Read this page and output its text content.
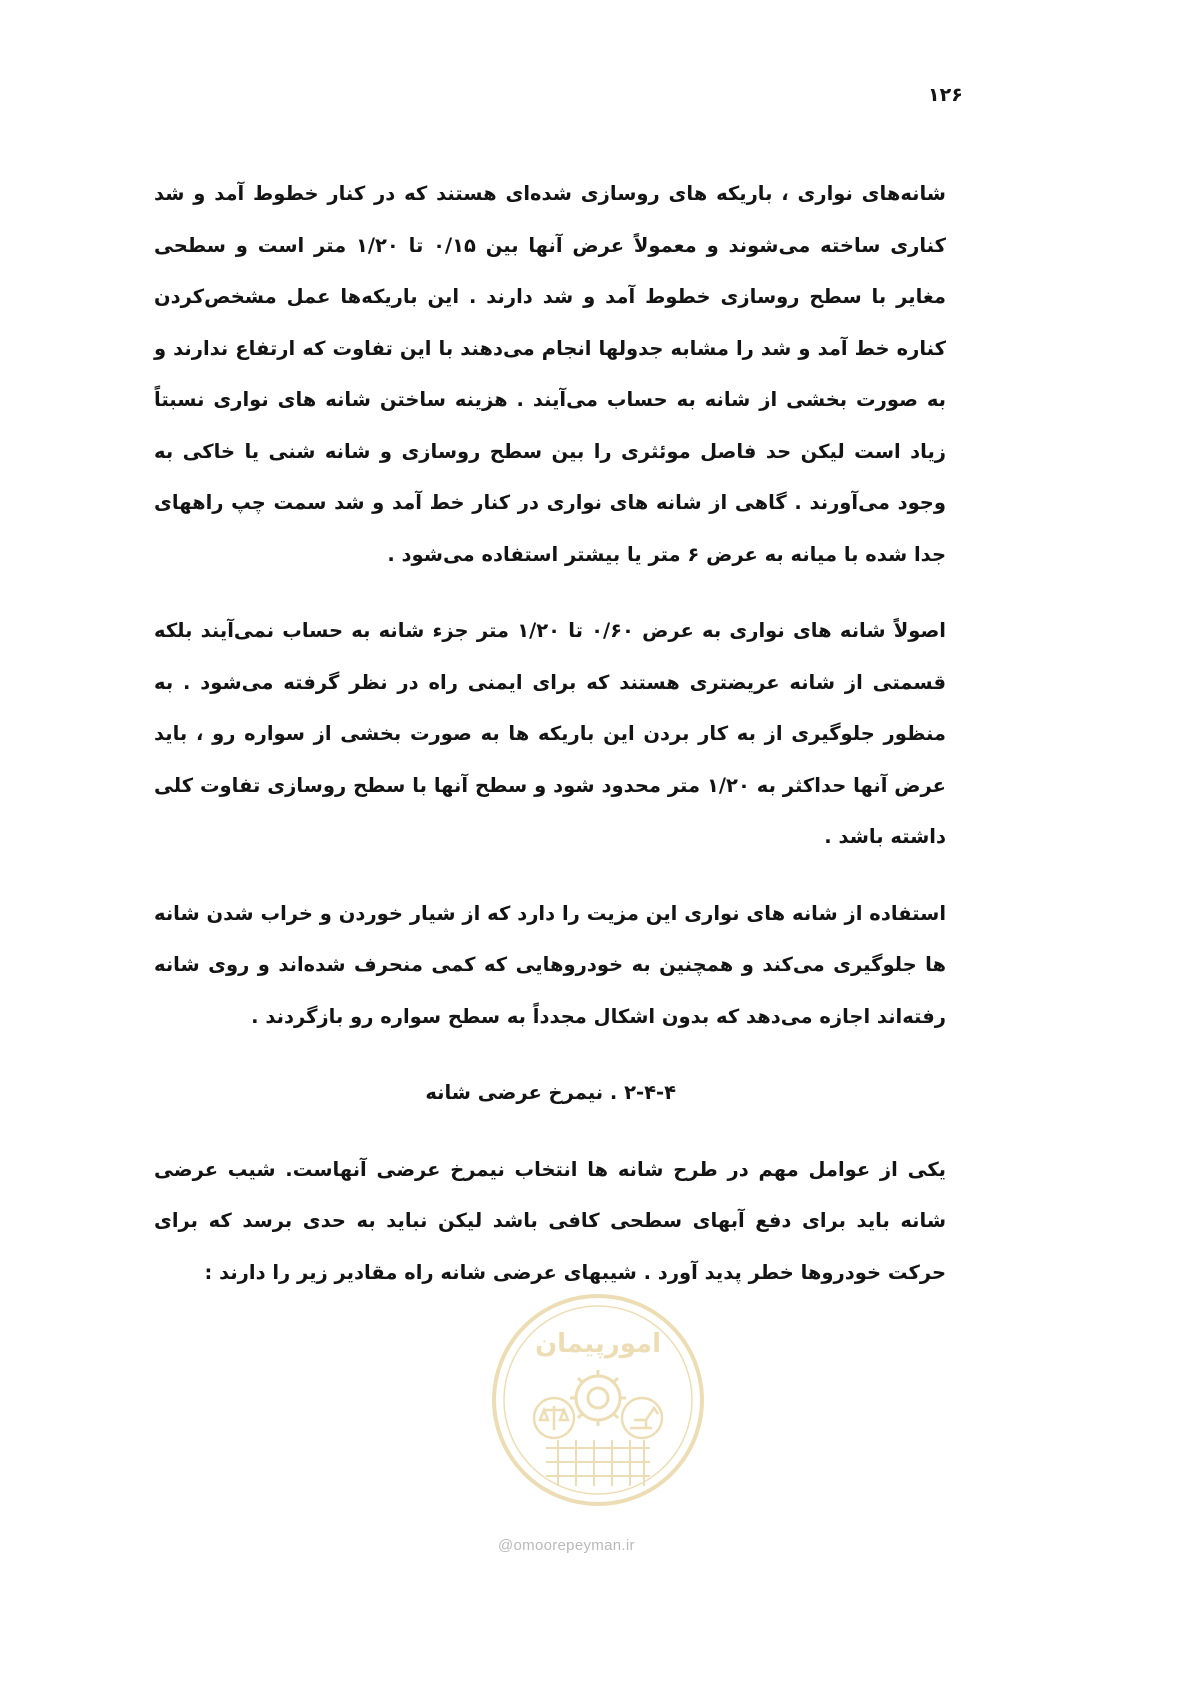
۱۲۶

شانه‌های نواری ، باریکه های روسازی شده‌ای هستند که در کنار خطوط آمد و شد کناری ساخته می‌شوند و معمولاً عرض آنها بین ۰/۱۵ تا ۱/۲۰ متر است و سطحی مغایر با سطح روسازی خطوط آمد و شد دارند . این باریکه‌ها عمل مشخص‌کردن کناره خط آمد و شد را مشابه جدولها انجام می‌دهند با این تفاوت که ارتفاع ندارند و به صورت بخشی از شانه به حساب می‌آیند . هزینه ساختن شانه های نواری نسبتاً زیاد است لیکن حد فاصل موئثری را بین سطح روسازی و شانه شنی یا خاکی به وجود می‌آورند . گاهی از شانه های نواری در کنار خط آمد و شد سمت چپ راههای جدا شده با میانه به عرض ۶ متر یا بیشتر استفاده می‌شود .

اصولاً شانه های نواری به عرض ۰/۶۰ تا ۱/۲۰ متر جزء شانه به حساب نمی‌آیند بلکه قسمتی از شانه عریضتری هستند که برای ایمنی راه در نظر گرفته می‌شود . به منظور جلوگیری از به کار بردن این باریکه ها به صورت بخشی از سواره رو ، باید عرض آنها حداکثر به ۱/۲۰ متر محدود شود و سطح آنها با سطح روسازی تفاوت کلی داشته باشد .

استفاده از شانه های نواری این مزیت را دارد که از شیار خوردن و خراب شدن شانه ها جلوگیری می‌کند و همچنین به خودروهایی که کمی منحرف شده‌اند و روی شانه رفته‌اند اجازه می‌دهد که بدون اشکال مجدداً به سطح سواره رو بازگردند .

۲-۴-۴ . نیمرخ عرضی شانه

یکی از عوامل مهم در طرح شانه ها انتخاب نیمرخ عرضی آنهاست. شیب عرضی شانه باید برای دفع آبهای سطحی کافی باشد لیکن نباید به حدی برسد که برای حرکت خودروها خطر پدید آورد . شیبهای عرضی شانه راه مقادیر زیر را دارند :

امورپیمان
@omoorepeyman.ir
